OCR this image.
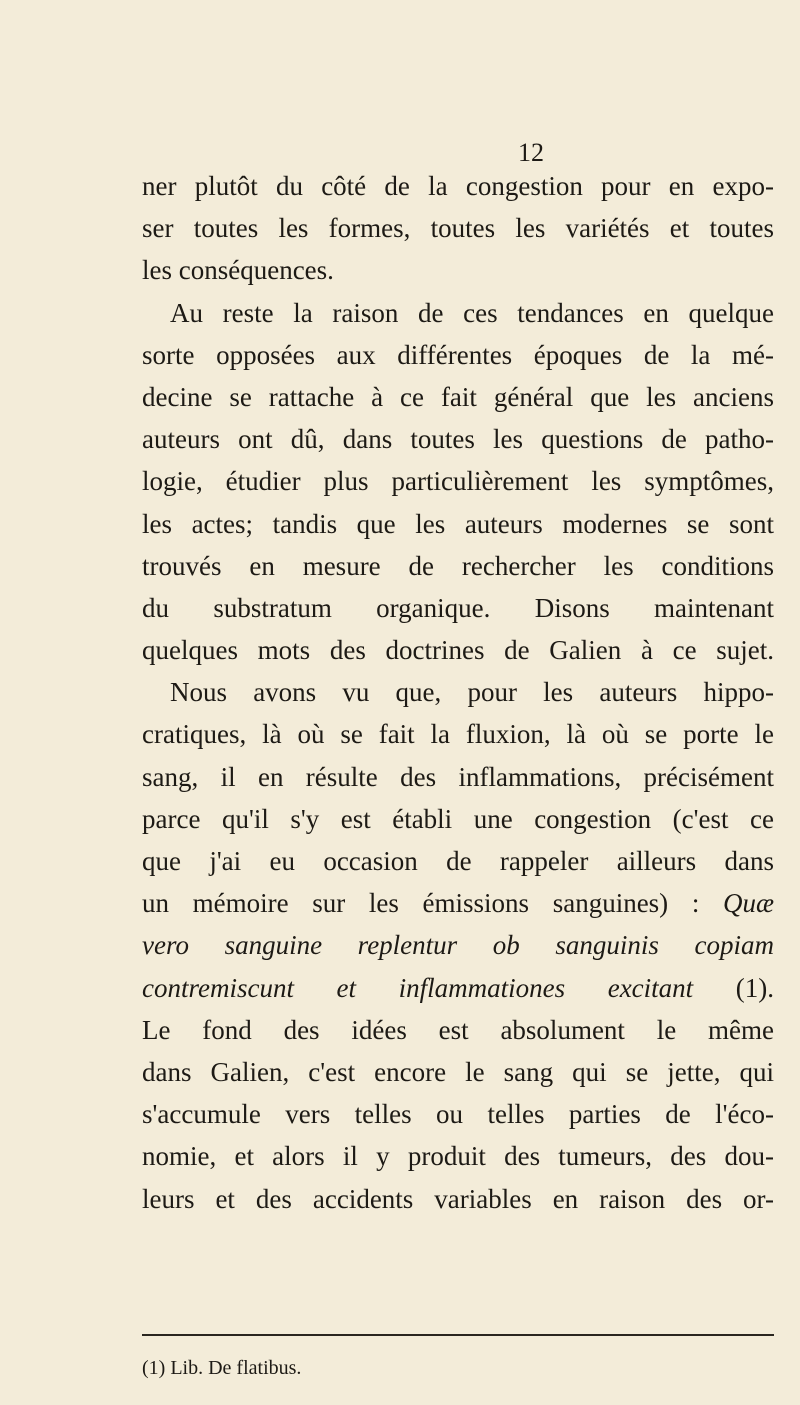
12
ner plutôt du côté de la congestion pour en expo-
ser toutes les formes, toutes les variétés et toutes
les conséquences.
Au reste la raison de ces tendances en quelque
sorte opposées aux différentes époques de la mé-
decine se rattache à ce fait général que les anciens
auteurs ont dû, dans toutes les questions de patho-
logie, étudier plus particulièrement les symptômes,
les actes; tandis que les auteurs modernes se sont
trouvés en mesure de rechercher les conditions
du substratum organique. Disons maintenant
quelques mots des doctrines de Galien à ce sujet.
Nous avons vu que, pour les auteurs hippo-
cratiques, là où se fait la fluxion, là où se porte le
sang, il en résulte des inflammations, précisément
parce qu'il s'y est établi une congestion (c'est ce
que j'ai eu occasion de rappeler ailleurs dans
un mémoire sur les émissions sanguines) : Quæ
vero sanguine replentur ob sanguinis copiam
contremiscunt et inflammationes excitant (1).
Le fond des idées est absolument le même
dans Galien, c'est encore le sang qui se jette, qui
s'accumule vers telles ou telles parties de l'éco-
nomie, et alors il y produit des tumeurs, des dou-
leurs et des accidents variables en raison des or-
(1) Lib. De flatibus.
